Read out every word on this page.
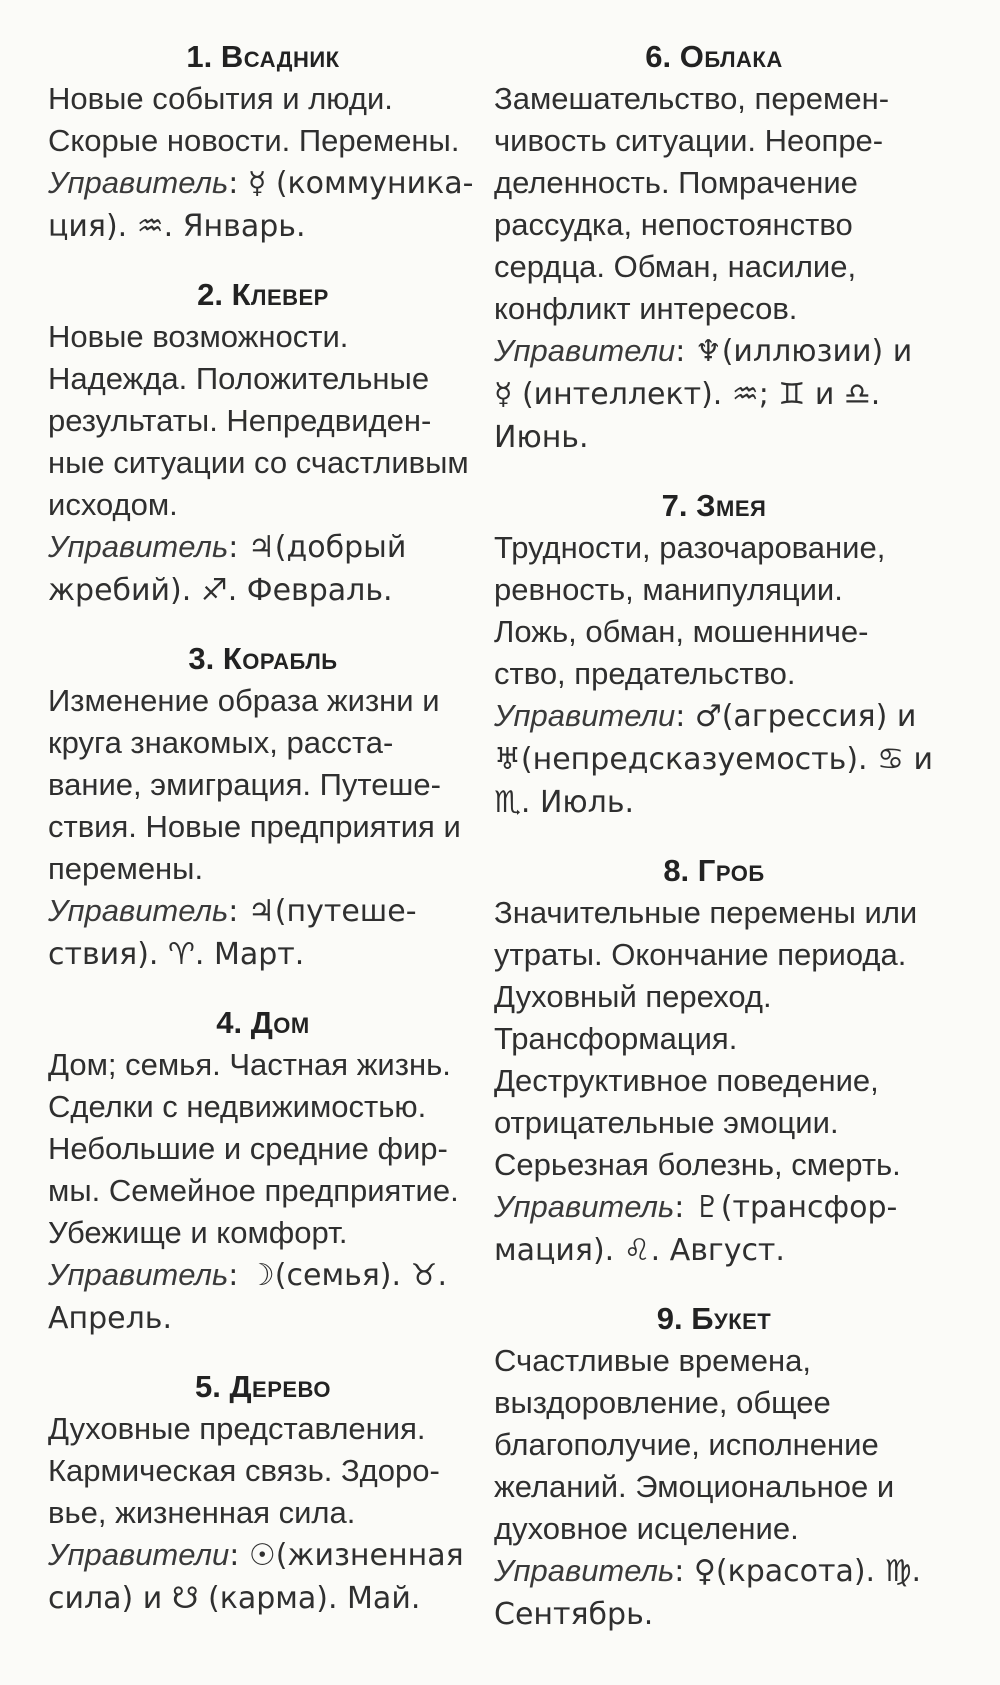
1. Всадник
Новые события и люди. Скорые новости. Перемены.
Управитель: ☿ (коммуника-ция). ♒. Январь.
2. Клевер
Новые возможности. Надежда. Положительные результаты. Непредвиден-ные ситуации со счастливым исходом.
Управитель: ♃(добрый жребий). ♐. Февраль.
3. Корабль
Изменение образа жизни и круга знакомых, расста-вание, эмиграция. Путеше-ствия. Новые предприятия и перемены.
Управитель: ♃(путеше-ствия). ♈. Март.
4. Дом
Дом; семья. Частная жизнь. Сделки с недвижимостью. Небольшие и средние фир-мы. Семейное предприятие. Убежище и комфорт.
Управитель: ☽(семья). ♉. Апрель.
5. Дерево
Духовные представления. Кармическая связь. Здоро-вье, жизненная сила.
Управители: ☉(жизненная сила) и ☋ (карма). Май.
6. Облака
Замешательство, перемен-чивость ситуации. Неопре-деленность. Помрачение рассудка, непостоянство сердца. Обман, насилие, конфликт интересов.
Управители: ♆(иллюзии) и ☿ (интеллект). ♒; ♊ и ♎. Июнь.
7. Змея
Трудности, разочарование, ревность, манипуляции. Ложь, обман, мошенниче-ство, предательство.
Управители: ♂(агрессия) и ♅(непредсказуемость). ♋ и ♏. Июль.
8. Гроб
Значительные перемены или утраты. Окончание периода. Духовный переход. Трансформация. Деструктивное поведение, отрицательные эмоции. Серьезная болезнь, смерть.
Управитель: ♇(трансфор-мация). ♌. Август.
9. Букет
Счастливые времена, выздоровление, общее благополучие, исполнение желаний. Эмоциональное и духовное исцеление.
Управитель: ♀(красота). ♍. Сентябрь.
